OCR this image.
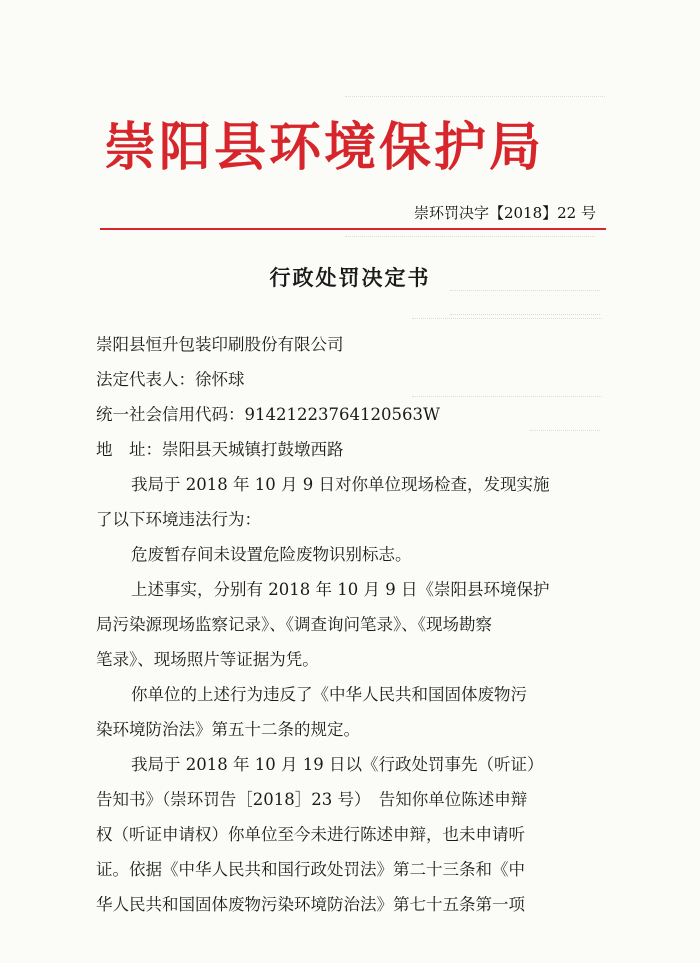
崇阳县环境保护局
崇环罚决字【2018】22 号
行政处罚决定书
崇阳县恒升包装印刷股份有限公司
法定代表人：徐怀球
统一社会信用代码：91421223764120563W
地　址：崇阳县天城镇打鼓墩西路
我局于 2018 年 10 月 9 日对你单位现场检查，发现实施
了以下环境违法行为：
危废暂存间未设置危险废物识别标志。
上述事实，分别有 2018 年 10 月 9 日《崇阳县环境保护
局污染源现场监察记录》、《调查询问笔录》、《现场勘察
笔录》、现场照片等证据为凭。
你单位的上述行为违反了《中华人民共和国固体废物污
染环境防治法》第五十二条的规定。
我局于 2018 年 10 月 19 日以《行政处罚事先（听证）
告知书》（崇环罚告［2018］23 号）　告知你单位陈述申辩
权（听证申请权）你单位至今未进行陈述申辩，也未申请听
证。依据《中华人民共和国行政处罚法》第二十三条和《中
华人民共和国固体废物污染环境防治法》第七十五条第一项
